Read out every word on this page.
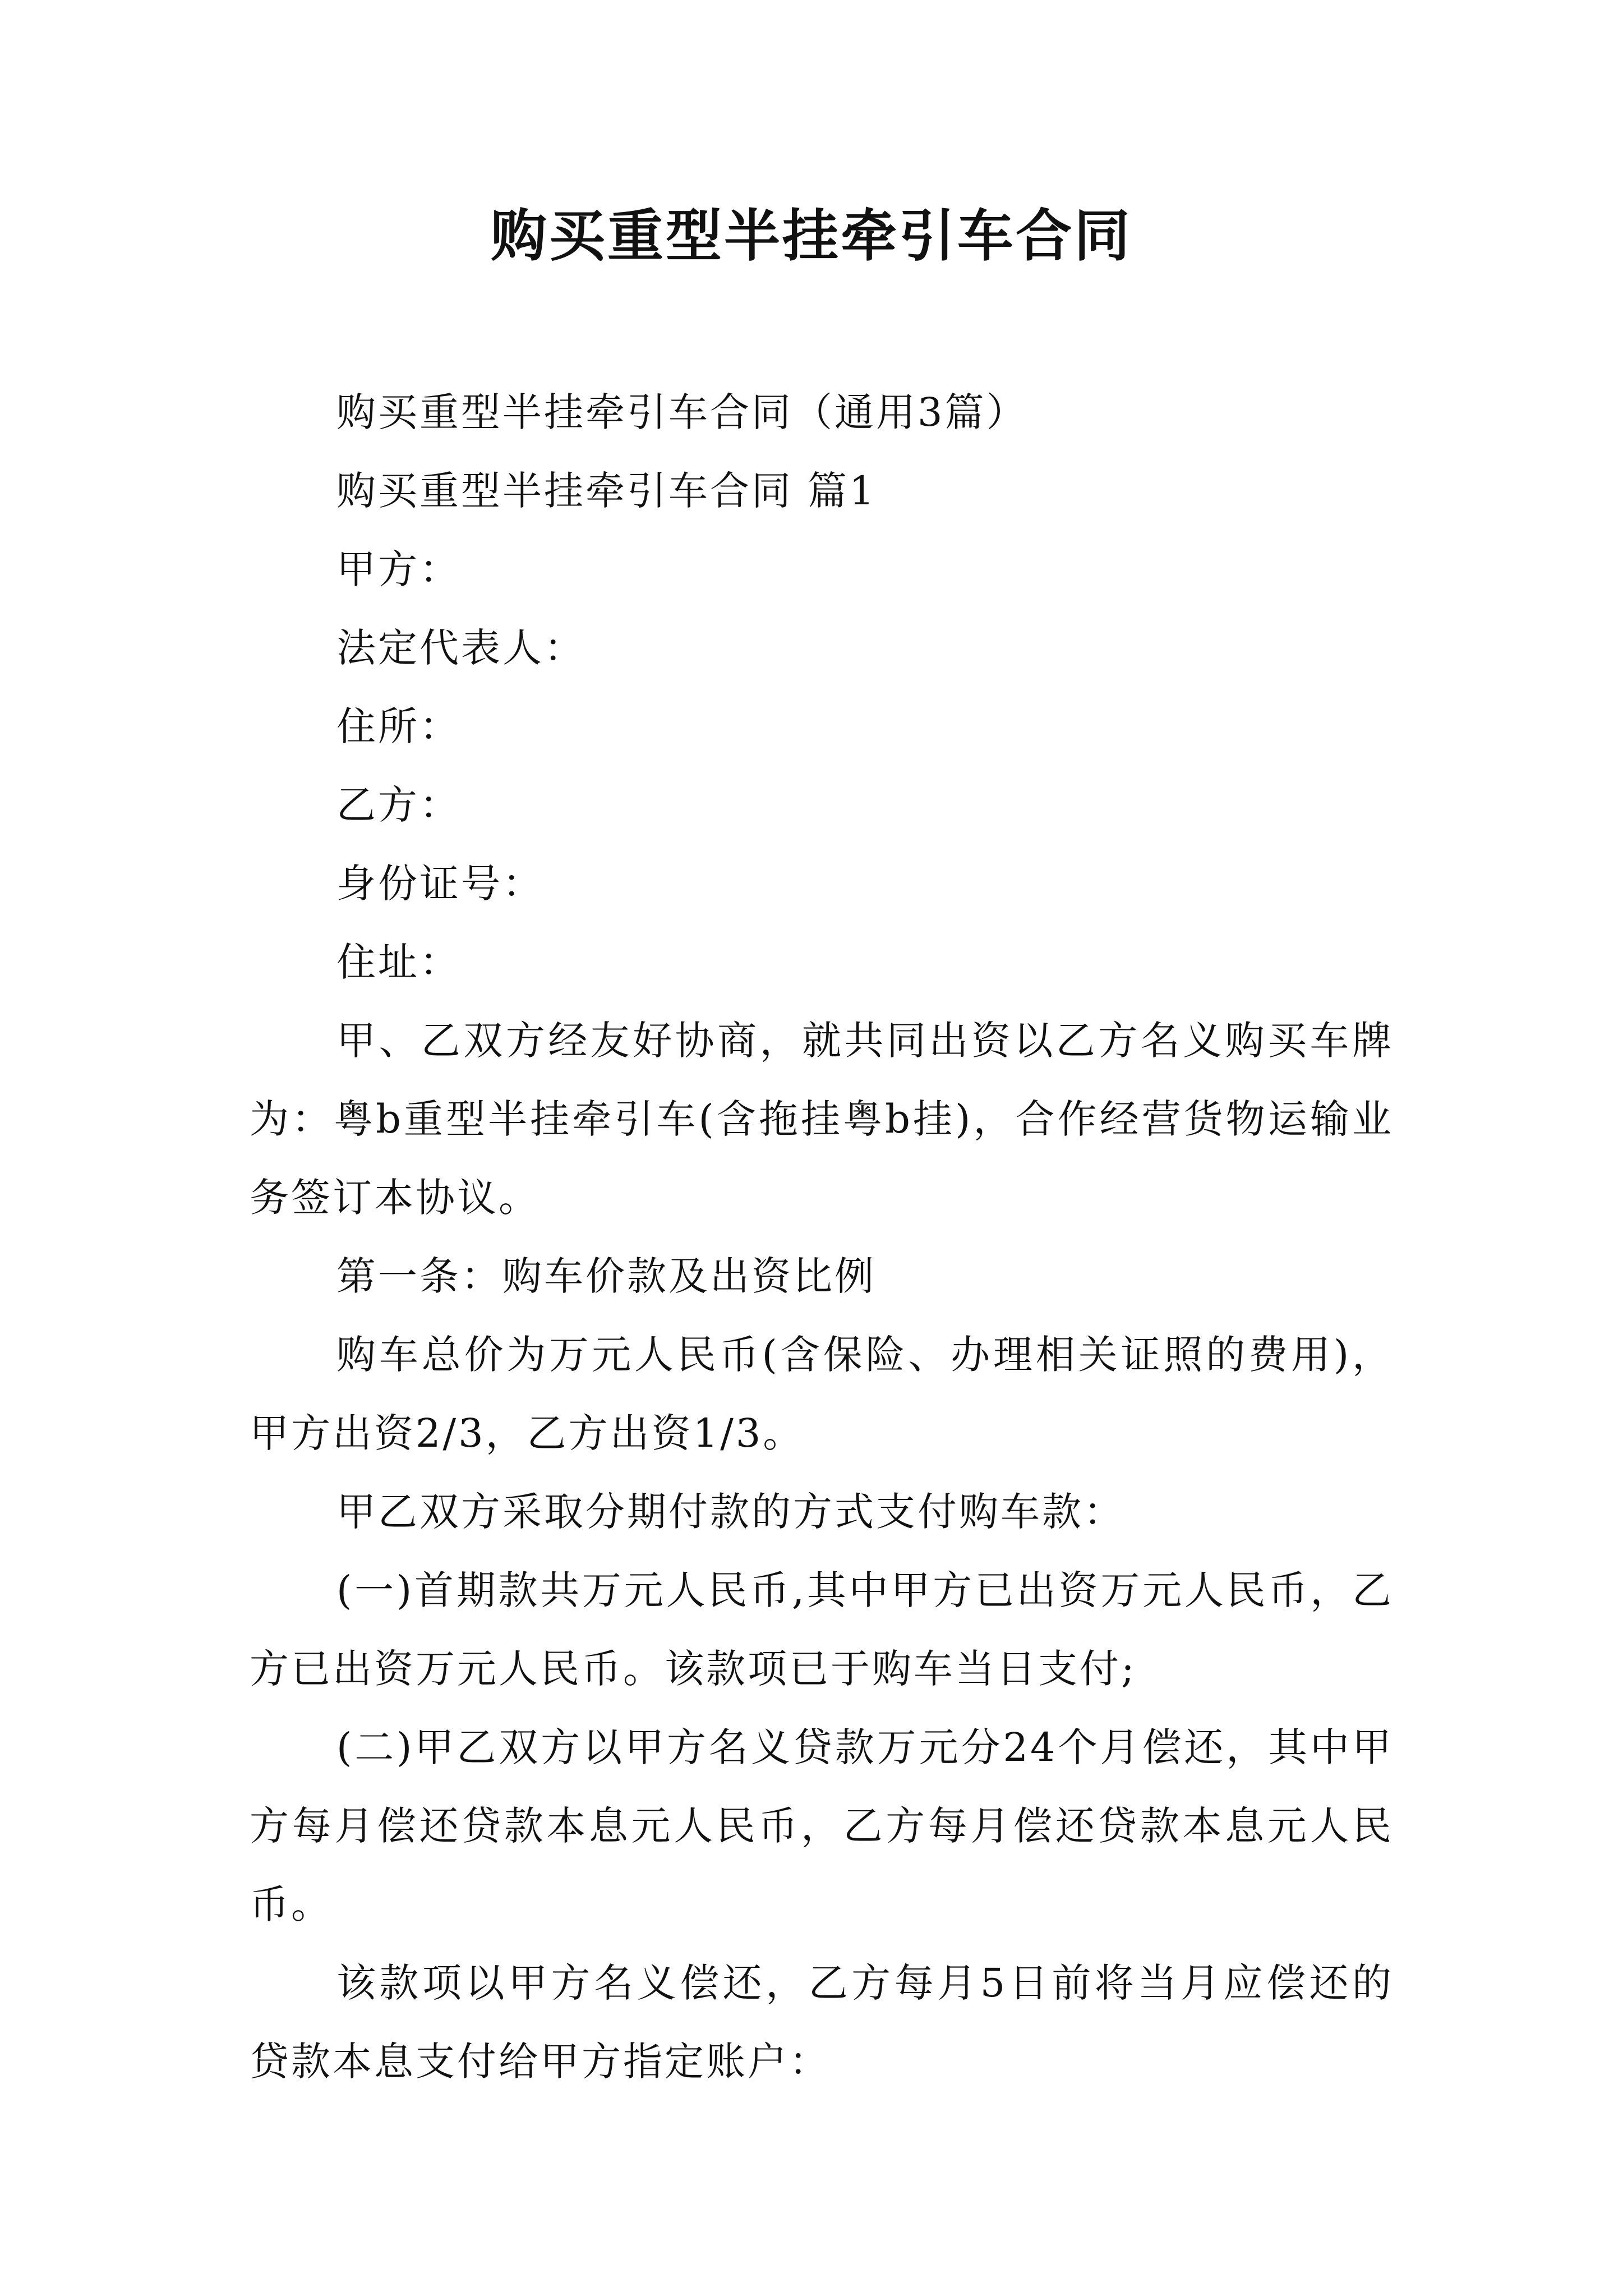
购买重型半挂牵引车合同

购买重型半挂牵引车合同（通用3篇）

购买重型半挂牵引车合同 篇1

甲方：

法定代表人：

住所：

乙方：

身份证号：

住址：

甲、乙双方经友好协商，就共同出资以乙方名义购买车牌为：粤b重型半挂牵引车(含拖挂粤b挂)，合作经营货物运输业务签订本协议。

第一条：购车价款及出资比例

购车总价为万元人民币(含保险、办理相关证照的费用)，甲方出资2/3，乙方出资1/3。

甲乙双方采取分期付款的方式支付购车款：

(一)首期款共万元人民币,其中甲方已出资万元人民币，乙方已出资万元人民币。该款项已于购车当日支付;

(二)甲乙双方以甲方名义贷款万元分24个月偿还，其中甲方每月偿还贷款本息元人民币，乙方每月偿还贷款本息元人民币。

该款项以甲方名义偿还，乙方每月5日前将当月应偿还的贷款本息支付给甲方指定账户：
